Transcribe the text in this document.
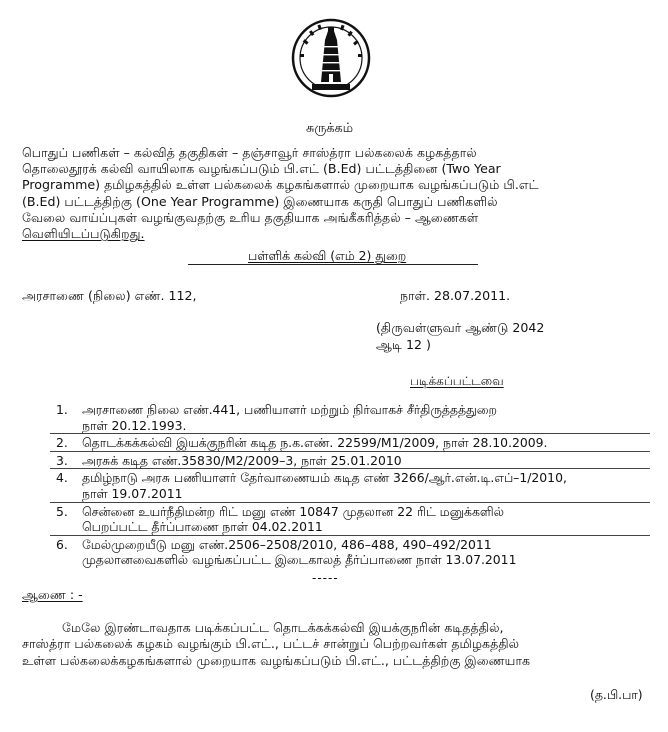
சுருக்கம்
பொதுப் பணிகள் – கல்வித் தகுதிகள் – தஞ்சாவூர் சாஸ்த்ரா பல்கலைக் கழகத்தால்
தொலைதூரக் கல்வி வாயிலாக வழங்கப்படும் பி.எட் (B.Ed) பட்டத்தினை (Two Year
Programme) தமிழகத்தில் உள்ள பல்கலைக் கழகங்களால் முறையாக வழங்கப்படும் பி.எட்
(B.Ed) பட்டத்திற்கு (One Year Programme) இணையாக கருதி பொதுப் பணிகளில்
வேலை வாய்ப்புகள் வழங்குவதற்கு உரிய தகுதியாக அங்கீகரித்தல் – ஆணைகள்
வெளியிடப்படுகிறது.
பள்ளிக் கல்வி (எம் 2) துறை
அரசாணை (நிலை) எண். 112,	நாள். 28.07.2011.
(திருவள்ளுவர் ஆண்டு 2042
ஆடி 12 )
படிக்கப்பட்டவை
1. அரசாணை நிலை எண்.441, பணியாளர் மற்றும் நிர்வாகச் சீர்திருத்தத்துறை
நாள் 20.12.1993.
2. தொடக்கக்கல்வி இயக்குநரின் கடித ந.க.எண். 22599/M1/2009, நாள் 28.10.2009.
3. அரசுக் கடித எண்.35830/M2/2009–3, நாள் 25.01.2010
4. தமிழ்நாடு அரசு பணியாளர் தேர்வாணையம் கடித எண் 3266/ஆர்.என்.டி.எப்–1/2010,
நாள் 19.07.2011
5. சென்னை உயர்நீதிமன்ற ரிட் மனு எண் 10847 முதலான 22 ரிட் மனுக்களில்
பெறப்பட்ட தீர்ப்பாணை நாள் 04.02.2011
6. மேல்முறையீடு மனு எண்.2506–2508/2010, 486–488, 490–492/2011
முதலானவைகளில் வழங்கப்பட்ட இடைகாலத் தீர்ப்பாணை நாள் 13.07.2011
-----
ஆணை : -
மேலே இரண்டாவதாக படிக்கப்பட்ட தொடக்கக்கல்வி இயக்குநரின் கடிதத்தில்,
சாஸ்த்ரா பல்கலைக் கழகம் வழங்கும் பி.எட்., பட்டச் சான்றுப் பெற்றவர்கள் தமிழகத்தில்
உள்ள பல்கலைக்கழகங்களால் முறையாக வழங்கப்படும் பி.எட்., பட்டத்திற்கு இணையாக
(த.பி.பா)
